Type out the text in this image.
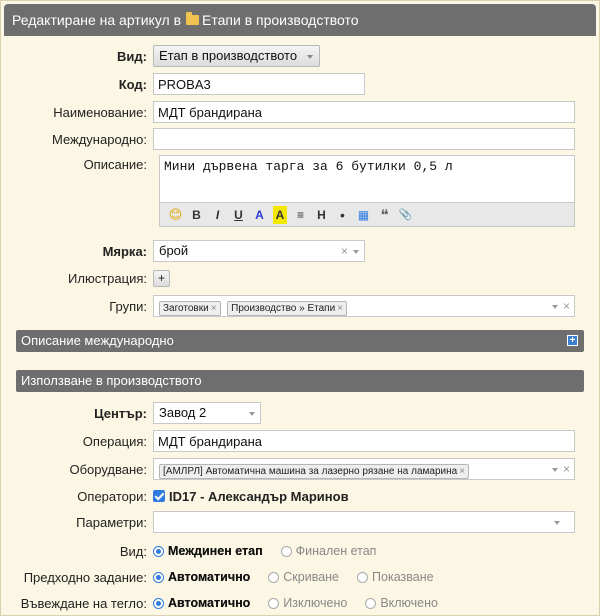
Редактиране на артикул в Етапи в производството
Вид: Етап в производството
Код:
PROBA3
Наименование:
МДТ брандирана
Международно:
Описание:	Мини дървена тарга за 6 бутилки 0,5 л
😊 B	I	U	A A	≡	H	•	▦ ❝ 📎
Мярка: брой	×
Илюстрация: +
Групи:	Заготовки × Производство » Етапи ×	×
Описание международно	+
Използване в производството
Център: Завод 2
Операция:
МДТ брандирана
Оборудване:	[АМЛРЛ] Автоматична машина за лазерно рязане на ламарина ×	×
Оператори:	ID17 - Александър Маринов
Параметри:
Вид:	Междинен етап	Финален етап
Предходно задание:	Автоматично	Скриване	Показване
Въвеждане на тегло:	Автоматично	Изключено	Включено
